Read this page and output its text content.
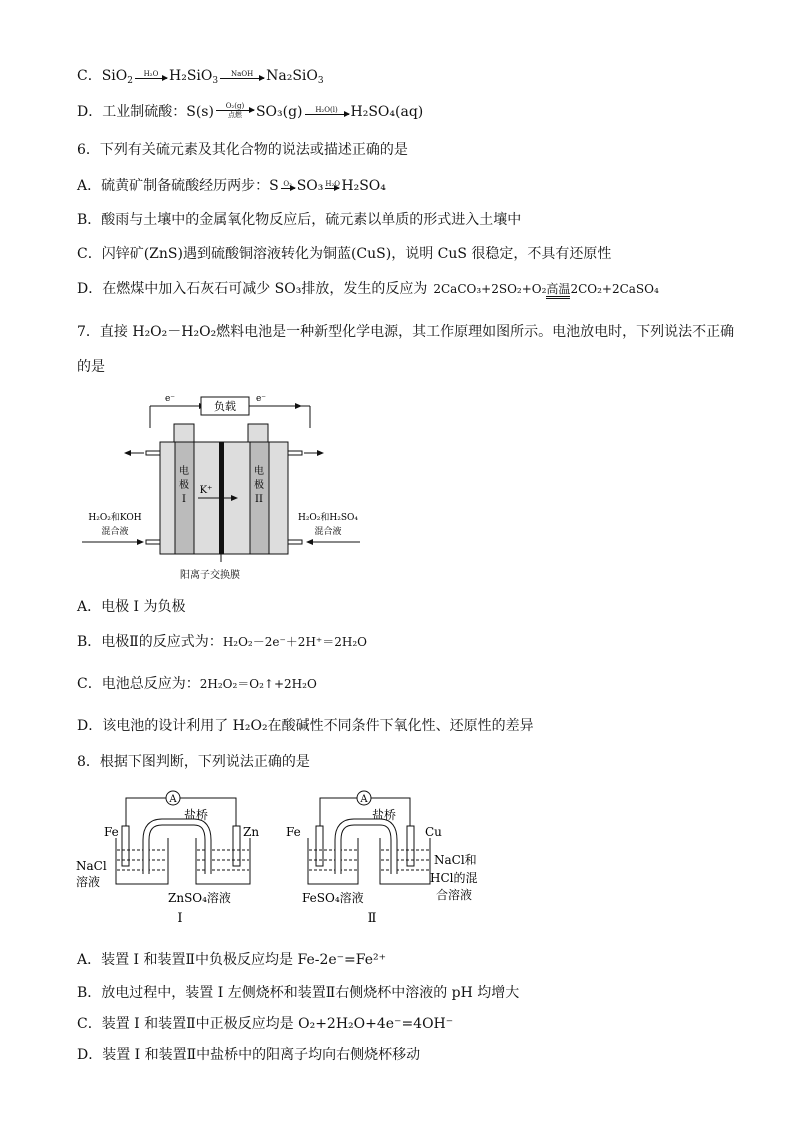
C．SiO$_2$
H₂O H₂SiO$_3$
NaOH Na₂SiO$_3$
D．工业制硫酸：S(s)	O₂(g)
点燃	SO₃(g)	H₂O(l) H₂SO₄(aq)
6．下列有关硫元素及其化合物的说法或描述正确的是
A．硫黄矿制备硫酸经历两步：S O₂ SO₃ H₂O H₂SO₄
B．酸雨与土壤中的金属氧化物反应后，硫元素以单质的形式进入土壤中
C．闪锌矿(ZnS)遇到硫酸铜溶液转化为铜蓝(CuS)，说明 CuS 很稳定，不具有还原性
D．在燃煤中加入石灰石可减少 SO₃排放，发生的反应为 2CaCO₃+2SO₂+O₂高温2CO₂+2CaSO₄
7．直接 H₂O₂－H₂O₂燃料电池是一种新型化学电源，其工作原理如图所示。电池放电时，下列说法不正确
的是
负载
e⁻	e⁻
电
极
I
电
极
II
K⁺
H₂O₂和KOH
混合液
H₂O₂和H₂SO₄
混合液
阳离子交换膜
A．电极 I 为负极
B．电极Ⅱ的反应式为：H₂O₂－2e⁻＋2H⁺＝2H₂O
C．电池总反应为：2H₂O₂＝O₂↑+2H₂O
D．该电池的设计利用了 H₂O₂在酸碱性不同条件下氧化性、还原性的差异
8．根据下图判断，下列说法正确的是
A
盐桥
Fe	Zn
NaCl
溶液
ZnSO₄溶液
I
A
盐桥
Fe	Cu
FeSO₄溶液
NaCl和
HCl的混
合溶液
Ⅱ
A．装置 I 和装置Ⅱ中负极反应均是 Fe-2e⁻=Fe²⁺
B．放电过程中，装置 I 左侧烧杯和装置Ⅱ右侧烧杯中溶液的 pH 均增大
C．装置 I 和装置Ⅱ中正极反应均是 O₂+2H₂O+4e⁻=4OH⁻
D．装置 I 和装置Ⅱ中盐桥中的阳离子均向右侧烧杯移动
